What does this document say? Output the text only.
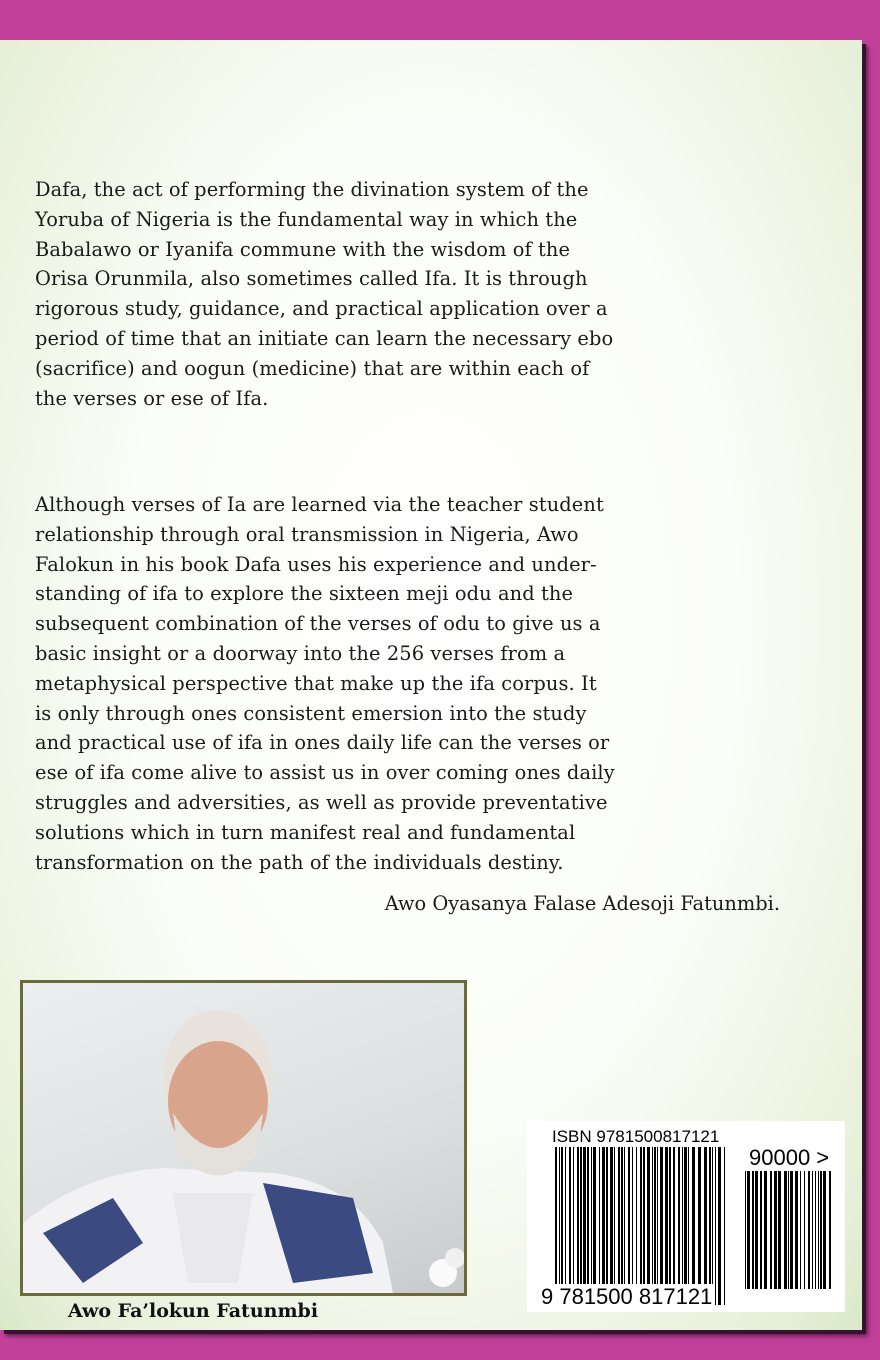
Dafa, the act of performing the divination system of the
Yoruba of Nigeria is the fundamental way in which the
Babalawo or Iyanifa commune with the wisdom of the
Orisa Orunmila, also sometimes called Ifa. It is through
rigorous study, guidance, and practical application over a
period of time that an initiate can learn the necessary ebo
(sacrifice) and oogun (medicine) that are within each of
the verses or ese of Ifa.
Although verses of Ia are learned via the teacher student
relationship through oral transmission in Nigeria, Awo
Falokun in his book Dafa uses his experience and under-
standing of ifa to explore the sixteen meji odu and the
subsequent combination of the verses of odu to give us a
basic insight or a doorway into the 256 verses from a
metaphysical perspective that make up the ifa corpus. It
is only through ones consistent emersion into the study
and practical use of ifa in ones daily life can the verses or
ese of ifa come alive to assist us in over coming ones daily
struggles and adversities, as well as provide preventative
solutions which in turn manifest real and fundamental
transformation on the path of the individuals destiny.
Awo Oyasanya Falase Adesoji Fatunmbi.
Awo Fa’lokun Fatunmbi
ISBN 9781500817121
9 781500 817121
90000 >
